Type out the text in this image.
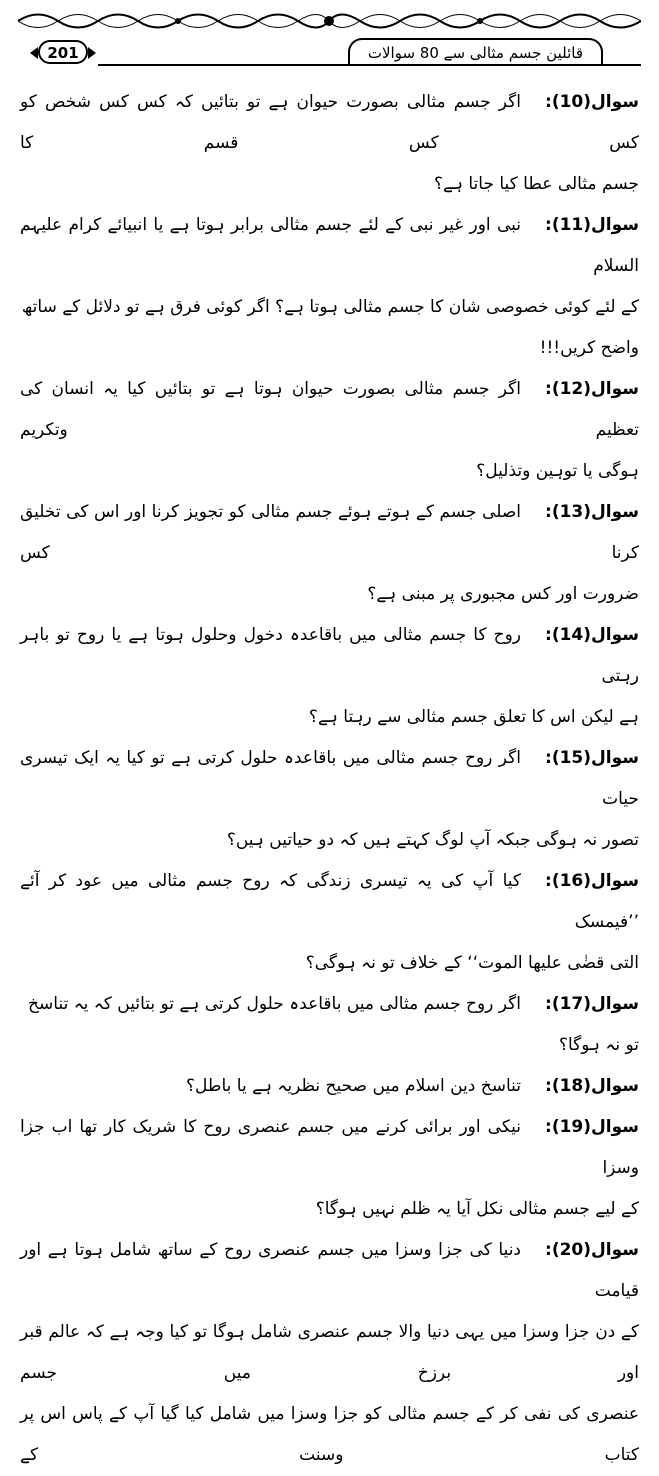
201	قائلین جسم مثالی سے 80 سوالات
سوال(10):اگر جسم مثالی بصورت حیوان ہے تو بتائیں کہ کس کس شخص کو کس کس قسم کا
جسم مثالی عطا کیا جاتا ہے؟
سوال(11):نبی اور غیر نبی کے لئے جسم مثالی برابر ہوتا ہے یا انبیائے کرام علیہم السلام
کے لئے کوئی خصوصی شان کا جسم مثالی ہوتا ہے؟ اگر کوئی فرق ہے تو دلائل کے ساتھ واضح کریں!!!
سوال(12):اگر جسم مثالی بصورت حیوان ہوتا ہے تو بتائیں کیا یہ انسان کی تعظیم وتکریم
ہوگی یا توہین وتذلیل؟
سوال(13):اصلی جسم کے ہوتے ہوئے جسم مثالی کو تجویز کرنا اور اس کی تخلیق کرنا کس
ضرورت اور کس مجبوری پر مبنی ہے؟
سوال(14):روح کا جسم مثالی میں باقاعدہ دخول وحلول ہوتا ہے یا روح تو باہر رہتی
ہے لیکن اس کا تعلق جسم مثالی سے رہتا ہے؟
سوال(15):اگر روح جسم مثالی میں باقاعدہ حلول کرتی ہے تو کیا یہ ایک تیسری حیات
تصور نہ ہوگی جبکہ آپ لوگ کہتے ہیں کہ دو حیاتیں ہیں؟
سوال(16):کیا آپ کی یہ تیسری زندگی کہ روح جسم مثالی میں عود کر آئے ’’فیمسک
التی قضٰی علیها الموت‘‘ کے خلاف تو نہ ہوگی؟
سوال(17):اگر روح جسم مثالی میں باقاعدہ حلول کرتی ہے تو بتائیں کہ یہ تناسخ تو نہ ہوگا؟
سوال(18):تناسخ دین اسلام میں صحیح نظریہ ہے یا باطل؟
سوال(19):نیکی اور برائی کرنے میں جسم عنصری روح کا شریک کار تھا اب جزا وسزا
کے لیے جسم مثالی نکل آیا یہ ظلم نہیں ہوگا؟
سوال(20):دنیا کی جزا وسزا میں جسم عنصری روح کے ساتھ شامل ہوتا ہے اور قیامت
کے دن جزا وسزا میں یہی دنیا والا جسم عنصری شامل ہوگا تو کیا وجہ ہے کہ عالم قبر اور برزخ میں جسم
عنصری کی نفی کر کے جسم مثالی کو جزا وسزا میں شامل کیا گیا آپ کے پاس اس پر کتاب وسنت کے
